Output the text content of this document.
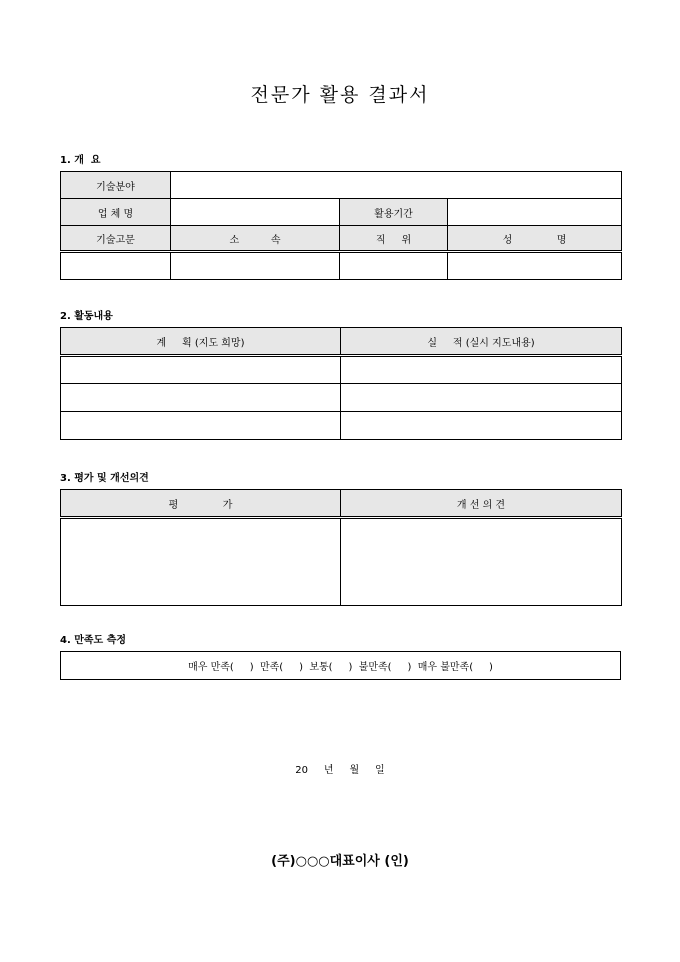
전문가 활용 결과서
1. 개  요
기술분야			
업 체 명		활용기간	
기술고문	소          속	직     위	성              명

2. 활동내용
계     획 (지도 희망)	실     적 (실시 지도내용)

3. 평가 및 개선의견
평              가	개 선 의 견

4. 만족도 측정
매우 만족(     )  만족(     )  보통(     )  불만족(     )  매우 불만족(     )
20     년     월     일
(주)○○○대표이사 (인)
